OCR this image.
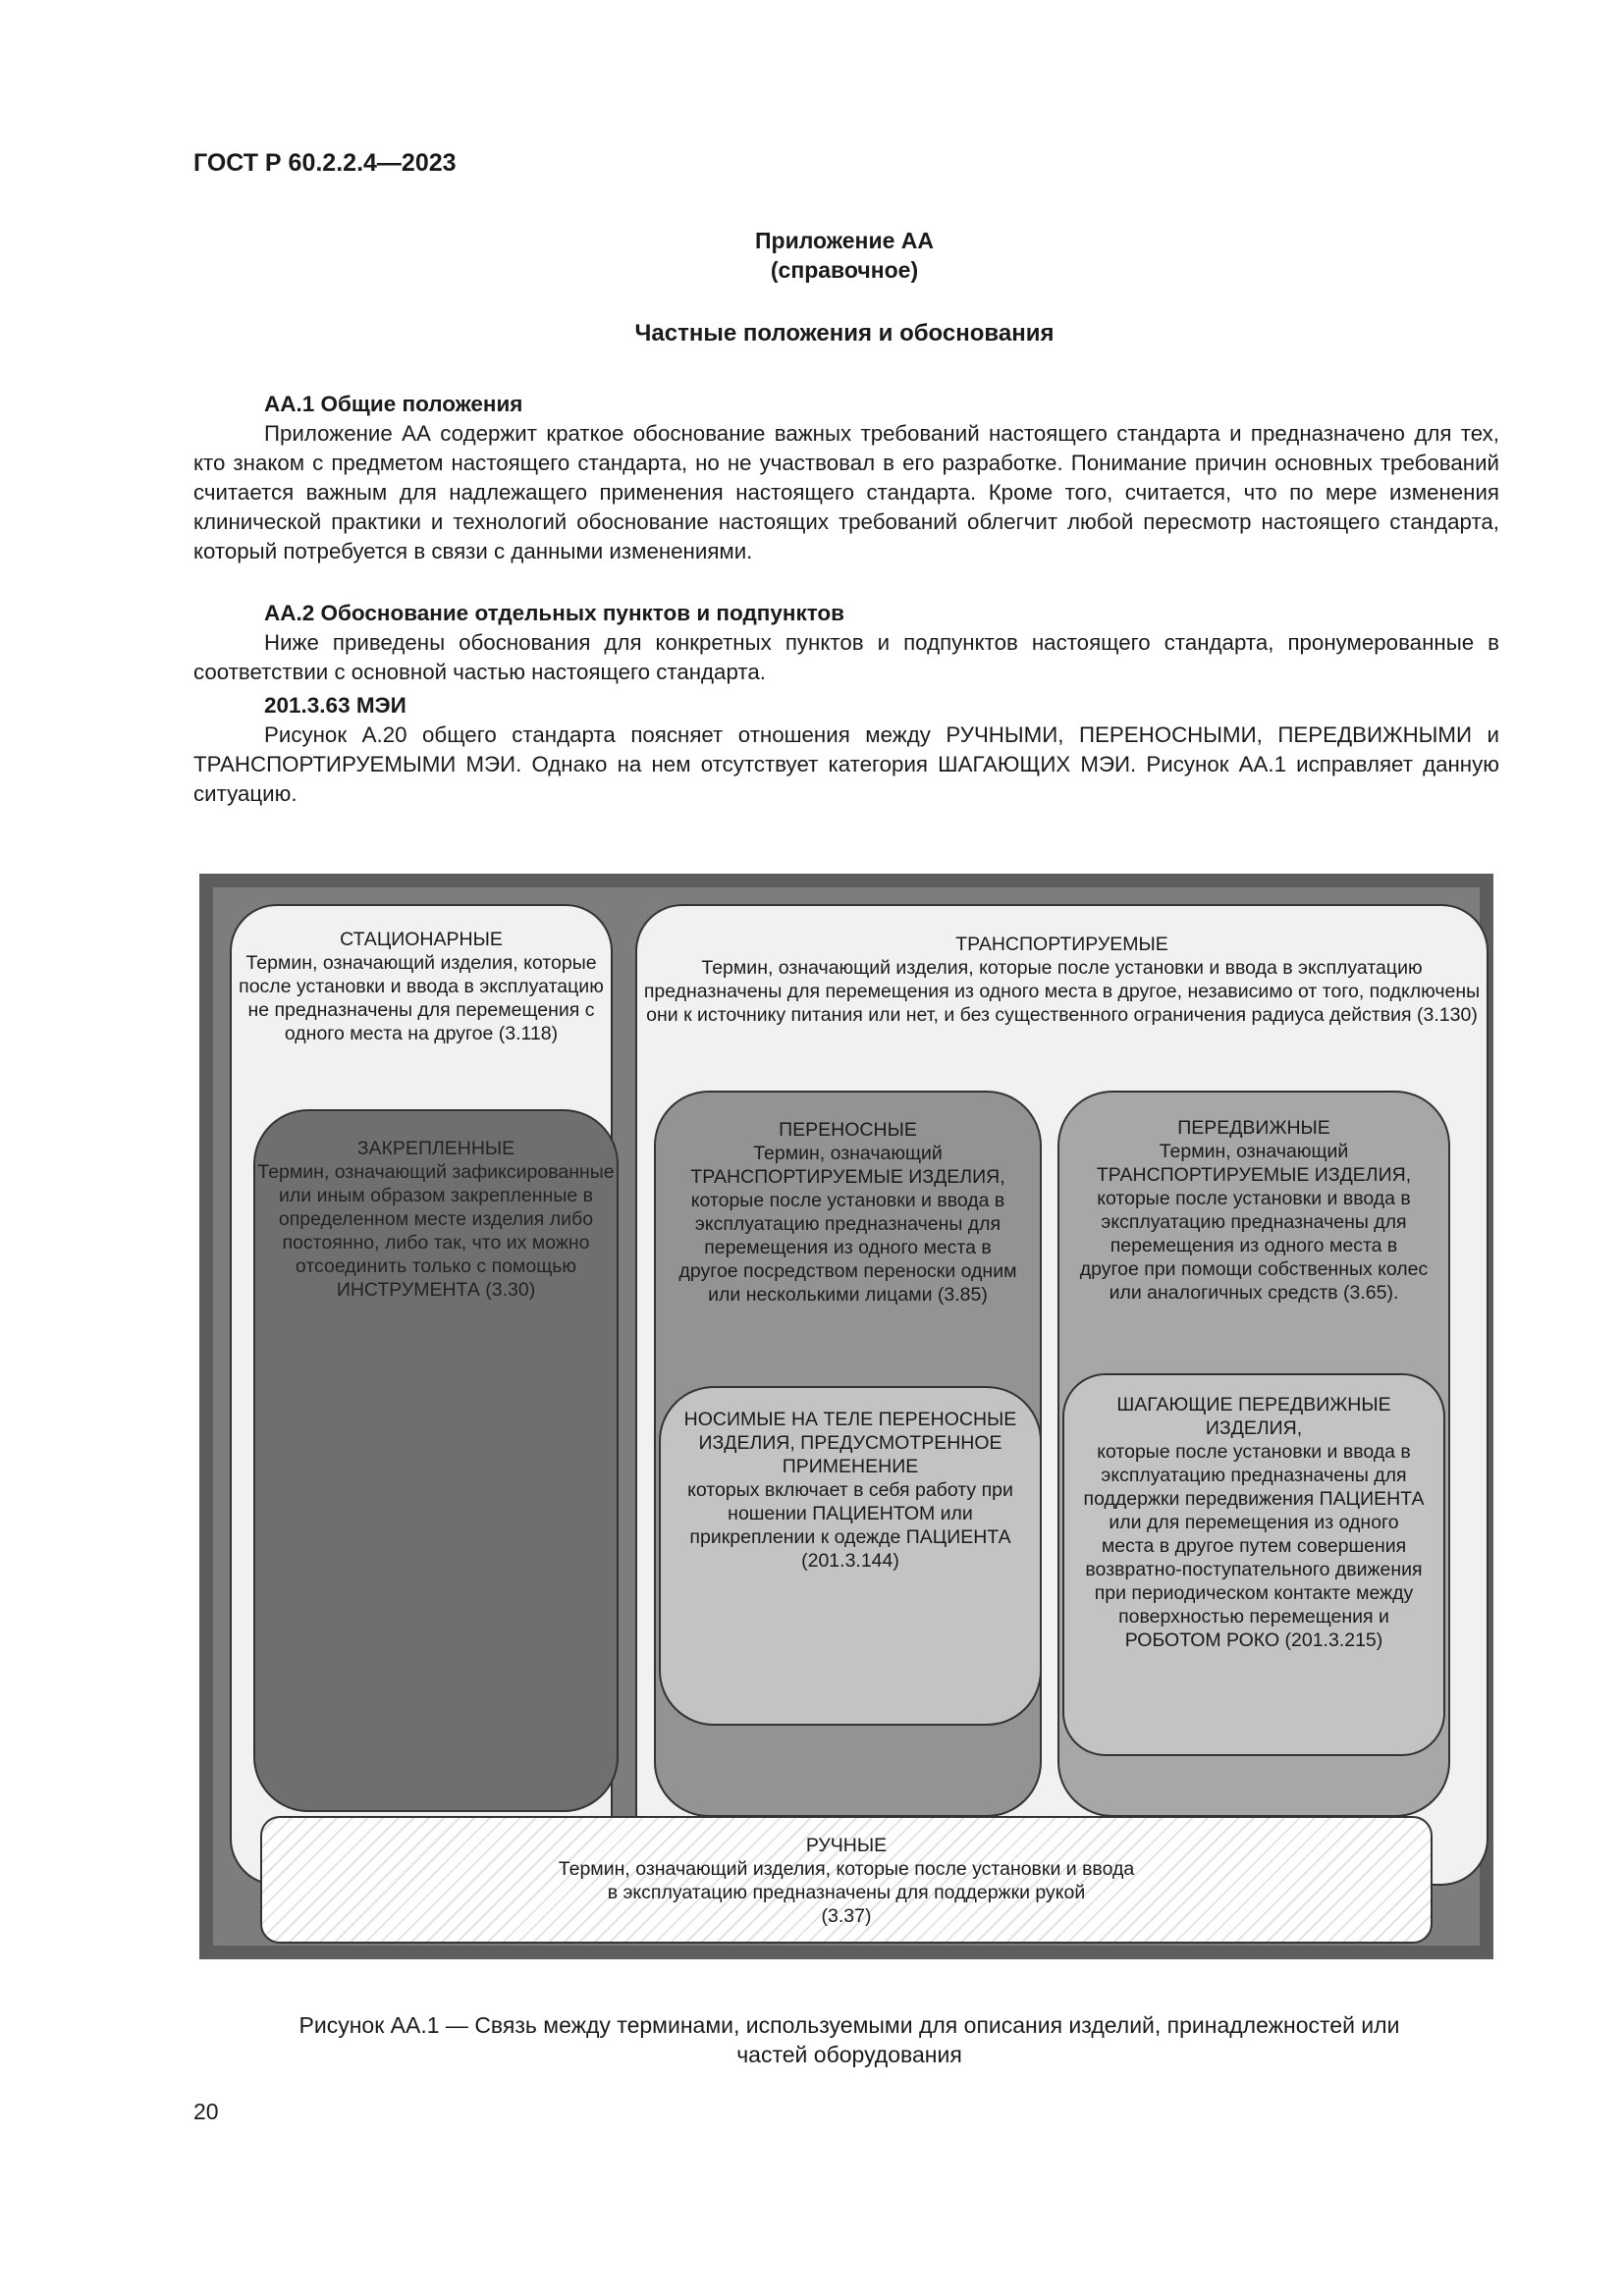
ГОСТ Р 60.2.2.4—2023
Приложение АА
(справочное)
Частные положения и обоснования
АА.1 Общие положения

Приложение АА содержит краткое обоснование важных требований настоящего стандарта и предназначено для тех, кто знаком с предметом настоящего стандарта, но не участвовал в его разработке. Понимание причин основных требований считается важным для надлежащего применения настоящего стандарта. Кроме того, считается, что по мере изменения клинической практики и технологий обоснование настоящих требований облегчит любой пересмотр настоящего стандарта, который потребуется в связи с данными изменениями.

АА.2 Обоснование отдельных пунктов и подпунктов

Ниже приведены обоснования для конкретных пунктов и подпунктов настоящего стандарта, пронумерованные в соответствии с основной частью настоящего стандарта.

201.3.63 МЭИ

Рисунок А.20 общего стандарта поясняет отношения между РУЧНЫМИ, ПЕРЕНОСНЫМИ, ПЕРЕДВИЖНЫМИ и ТРАНСПОРТИРУЕМЫМИ МЭИ. Однако на нем отсутствует категория ШАГАЮЩИХ МЭИ. Рисунок АА.1 исправляет данную ситуацию.

СТАЦИОНАРНЫЕ
Термин, означающий изделия, которые после установки и ввода в эксплуатацию не предназначены для перемещения с одного места на другое (3.118)
ЗАКРЕПЛЕННЫЕ
Термин, означающий зафиксированные или иным образом закрепленные в определенном месте изделия либо постоянно, либо так, что их можно отсоединить только с помощью ИНСТРУМЕНТА (3.30)
ТРАНСПОРТИРУЕМЫЕ
Термин, означающий изделия, которые после установки и ввода в эксплуатацию предназначены для перемещения из одного места в другое, независимо от того, подключены они к источнику питания или нет, и без существенного ограничения радиуса действия (3.130)
ПЕРЕНОСНЫЕ
Термин, означающий ТРАНСПОРТИРУЕМЫЕ ИЗДЕЛИЯ, которые после установки и ввода в эксплуатацию предназначены для перемещения из одного места в другое посредством переноски одним или несколькими лицами (3.85)
НОСИМЫЕ НА ТЕЛЕ ПЕРЕНОСНЫЕ ИЗДЕЛИЯ, ПРЕДУСМОТРЕННОЕ ПРИМЕНЕНИЕ
которых включает в себя работу при ношении ПАЦИЕНТОМ или прикреплении к одежде ПАЦИЕНТА (201.3.144)
ПЕРЕДВИЖНЫЕ
Термин, означающий ТРАНСПОРТИРУЕМЫЕ ИЗДЕЛИЯ, которые после установки и ввода в эксплуатацию предназначены для перемещения из одного места в другое при помощи собственных колес или аналогичных средств (3.65).
ШАГАЮЩИЕ ПЕРЕДВИЖНЫЕ ИЗДЕЛИЯ,
которые после установки и ввода в эксплуатацию предназначены для поддержки передвижения ПАЦИЕНТА или для перемещения из одного места в другое путем совершения возвратно-поступательного движения при периодическом контакте между поверхностью перемещения и РОБОТОМ РОКО (201.3.215)
РУЧНЫЕ
Термин, означающий изделия, которые после установки и ввода в эксплуатацию предназначены для поддержки рукой
(3.37)
Рисунок АА.1 — Связь между терминами, используемыми для описания изделий, принадлежностей или частей оборудования
20
